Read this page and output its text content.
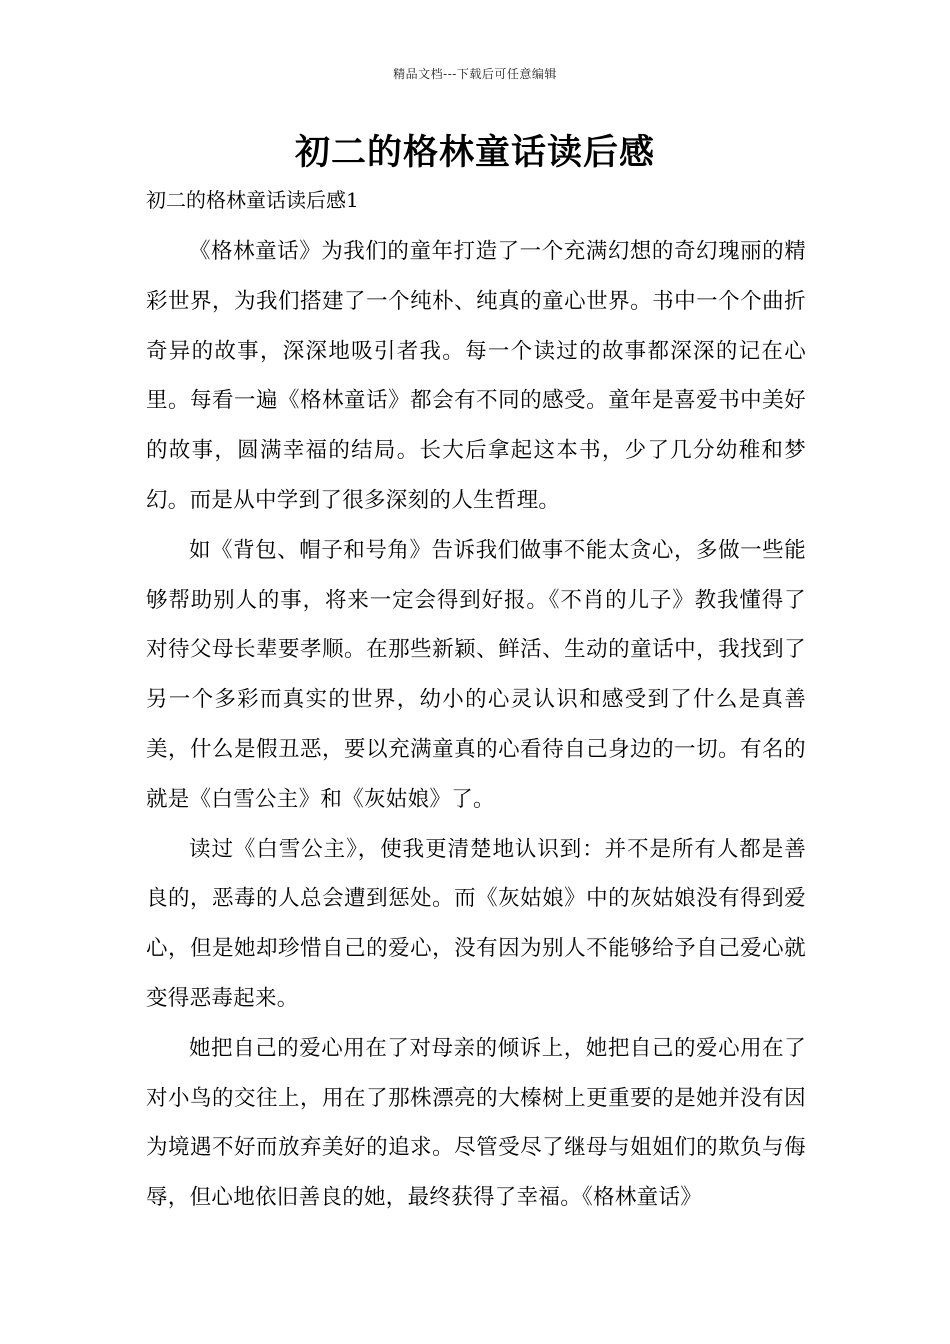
精品文档---下载后可任意编辑
初二的格林童话读后感
初二的格林童话读后感1

《格林童话》为我们的童年打造了一个充满幻想的奇幻瑰丽的精彩世界，为我们搭建了一个纯朴、纯真的童心世界。书中一个个曲折奇异的故事，深深地吸引者我。每一个读过的故事都深深的记在心里。每看一遍《格林童话》都会有不同的感受。童年是喜爱书中美好的故事，圆满幸福的结局。长大后拿起这本书，少了几分幼稚和梦幻。而是从中学到了很多深刻的人生哲理。

如《背包、帽子和号角》告诉我们做事不能太贪心，多做一些能够帮助别人的事，将来一定会得到好报。《不肖的儿子》教我懂得了对待父母长辈要孝顺。在那些新颖、鲜活、生动的童话中，我找到了另一个多彩而真实的世界，幼小的心灵认识和感受到了什么是真善美，什么是假丑恶，要以充满童真的心看待自己身边的一切。有名的就是《白雪公主》和《灰姑娘》了。

读过《白雪公主》，使我更清楚地认识到：并不是所有人都是善良的，恶毒的人总会遭到惩处。而《灰姑娘》中的灰姑娘没有得到爱心，但是她却珍惜自己的爱心，没有因为别人不能够给予自己爱心就变得恶毒起来。

她把自己的爱心用在了对母亲的倾诉上，她把自己的爱心用在了对小鸟的交往上，用在了那株漂亮的大榛树上更重要的是她并没有因为境遇不好而放弃美好的追求。尽管受尽了继母与姐姐们的欺负与侮辱，但心地依旧善良的她，最终获得了幸福。《格林童话》
